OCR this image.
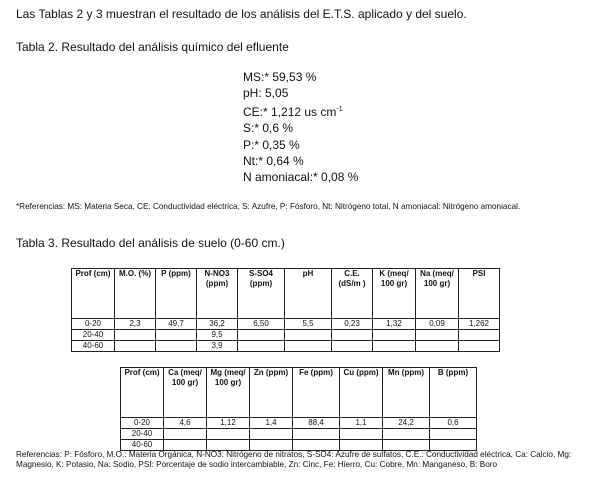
Las Tablas 2 y 3 muestran el resultado de los análisis del E.T.S. aplicado y del suelo.
Tabla 2. Resultado del análisis químico del efluente
MS:* 59,53 %
pH: 5,05
CE:* 1,212 us $cm^{-1}$
S:* 0,6 %
P:* 0,35 %
Nt:* 0,64 %
N amoniacal:* 0,08 %
*Referencias: MS: Materia Seca, CE: Conductividad eléctrica, S: Azufre, P: Fósforo, Nt: Nitrógeno total, N amoniacal: Nitrógeno amoniacal.
Tabla 3. Resultado del análisis de suelo (0-60 cm.)
Prof (cm)	M.O. (%)	P (ppm)	N-NO3 (ppm)	S-SO4 (ppm)	pH	C.E. (dS/m )	K (meq/ 100 gr)	Na (meq/ 100 gr)	PSI
0-20	2,3	49,7	36,2	6,50	5,5	0,23	1,32	0,09	1,262
20-40			9,5						
40-60			3,9						
Prof (cm)	Ca (meq/ 100 gr)	Mg (meq/ 100 gr)	Zn (ppm)	Fe (ppm)	Cu (ppm)	Mn (ppm)	B (ppm)
0-20	4,6	1,12	1,4	88,4	1,1	24,2	0,6
20-40							
40-60							
Referencias: P: Fósforo, M.O.: Materia Orgánica, N-NO3: Nitrógeno de nitratos, S-SO4: Azufre de sulfatos, C.E.: Conductividad eléctrica, Ca: Calcio, Mg: Magnesio, K: Potasio, Na: Sodio, PSI: Porcentaje de sodio intercambiable, Zn: Cinc, Fe: Hierro, Cu: Cobre, Mn: Manganeso, B: Boro
